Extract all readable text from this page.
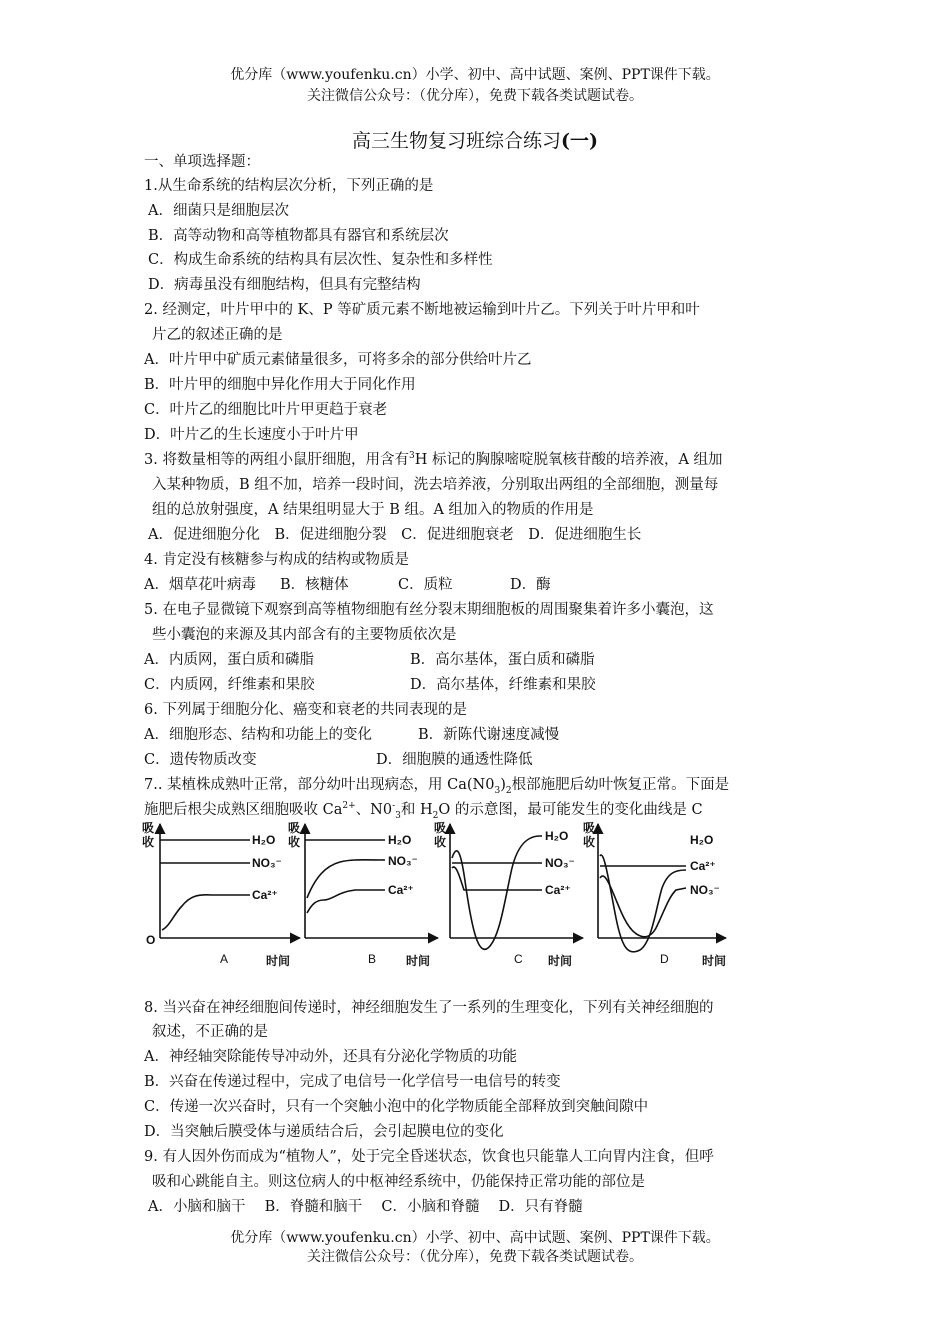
优分库（www.youfenku.cn）小学、初中、高中试题、案例、PPT课件下载。
关注微信公众号：（优分库），免费下载各类试题试卷。
高三生物复习班综合练习(一)
一、单项选择题：
1.从生命系统的结构层次分析，下列正确的是
A．细菌只是细胞层次
B．高等动物和高等植物都具有器官和系统层次
C．构成生命系统的结构具有层次性、复杂性和多样性
D．病毒虽没有细胞结构，但具有完整结构
2. 经测定，叶片甲中的 K、P 等矿质元素不断地被运输到叶片乙。下列关于叶片甲和叶
片乙的叙述正确的是
A．叶片甲中矿质元素储量很多，可将多余的部分供给叶片乙
B．叶片甲的细胞中异化作用大于同化作用
C．叶片乙的细胞比叶片甲更趋于衰老
D．叶片乙的生长速度小于叶片甲
3. 将数量相等的两组小鼠肝细胞，用含有$^3$H 标记的胸腺嘧啶脱氧核苷酸的培养液，A 组加
入某种物质，B 组不加，培养一段时间，洗去培养液，分别取出两组的全部细胞，测量每
组的总放射强度，A 结果组明显大于 B 组。A 组加入的物质的作用是
A．促进细胞分化　B．促进细胞分裂　C．促进细胞衰老　D．促进细胞生长
4. 肯定没有核糖参与构成的结构或物质是
A．烟草花叶病毒 B．核糖体	C．质粒	D．酶
5. 在电子显微镜下观察到高等植物细胞有丝分裂末期细胞板的周围聚集着许多小囊泡，这
些小囊泡的来源及其内部含有的主要物质依次是
A．内质网，蛋白质和磷脂	B．高尔基体，蛋白质和磷脂
C．内质网，纤维素和果胶	D．高尔基体，纤维素和果胶
6. 下列属于细胞分化、癌变和衰老的共同表现的是
A．细胞形态、结构和功能上的变化	B．新陈代谢速度减慢
C．遗传物质改变	D．细胞膜的通透性降低
7.. 某植株成熟叶正常，部分幼叶出现病态，用 $Ca(N0_3)_2$根部施肥后幼叶恢复正常。下面是
施肥后根尖成熟区细胞吸收 $Ca^{2+}$、$N0^-_3$和 $H_2O$ 的示意图，最可能发生的变化曲线是 C
吸
收	H₂O
NO₃⁻
Ca²⁺
O
A	时间
吸
收	H₂O
NO₃⁻
Ca²⁺
B 时间
吸
收	H₂O
NO₃⁻
Ca²⁺
C 时间
吸
收	H₂O
Ca²⁺
NO₃⁻
D	时间
8. 当兴奋在神经细胞间传递时，神经细胞发生了一系列的生理变化，下列有关神经细胞的
叙述，不正确的是
A．神经轴突除能传导冲动外，还具有分泌化学物质的功能
B．兴奋在传递过程中，完成了电信号一化学信号一电信号的转变
C．传递一次兴奋时，只有一个突触小泡中的化学物质能全部释放到突触间隙中
D．当突触后膜受体与递质结合后，会引起膜电位的变化
9. 有人因外伤而成为“植物人”，处于完全昏迷状态，饮食也只能靠人工向胃内注食，但呼
吸和心跳能自主。则这位病人的中枢神经系统中，仍能保持正常功能的部位是
A．小脑和脑干　 B．脊髓和脑干　 C．小脑和脊髓　 D．只有脊髓
优分库（www.youfenku.cn）小学、初中、高中试题、案例、PPT课件下载。
关注微信公众号：（优分库），免费下载各类试题试卷。
